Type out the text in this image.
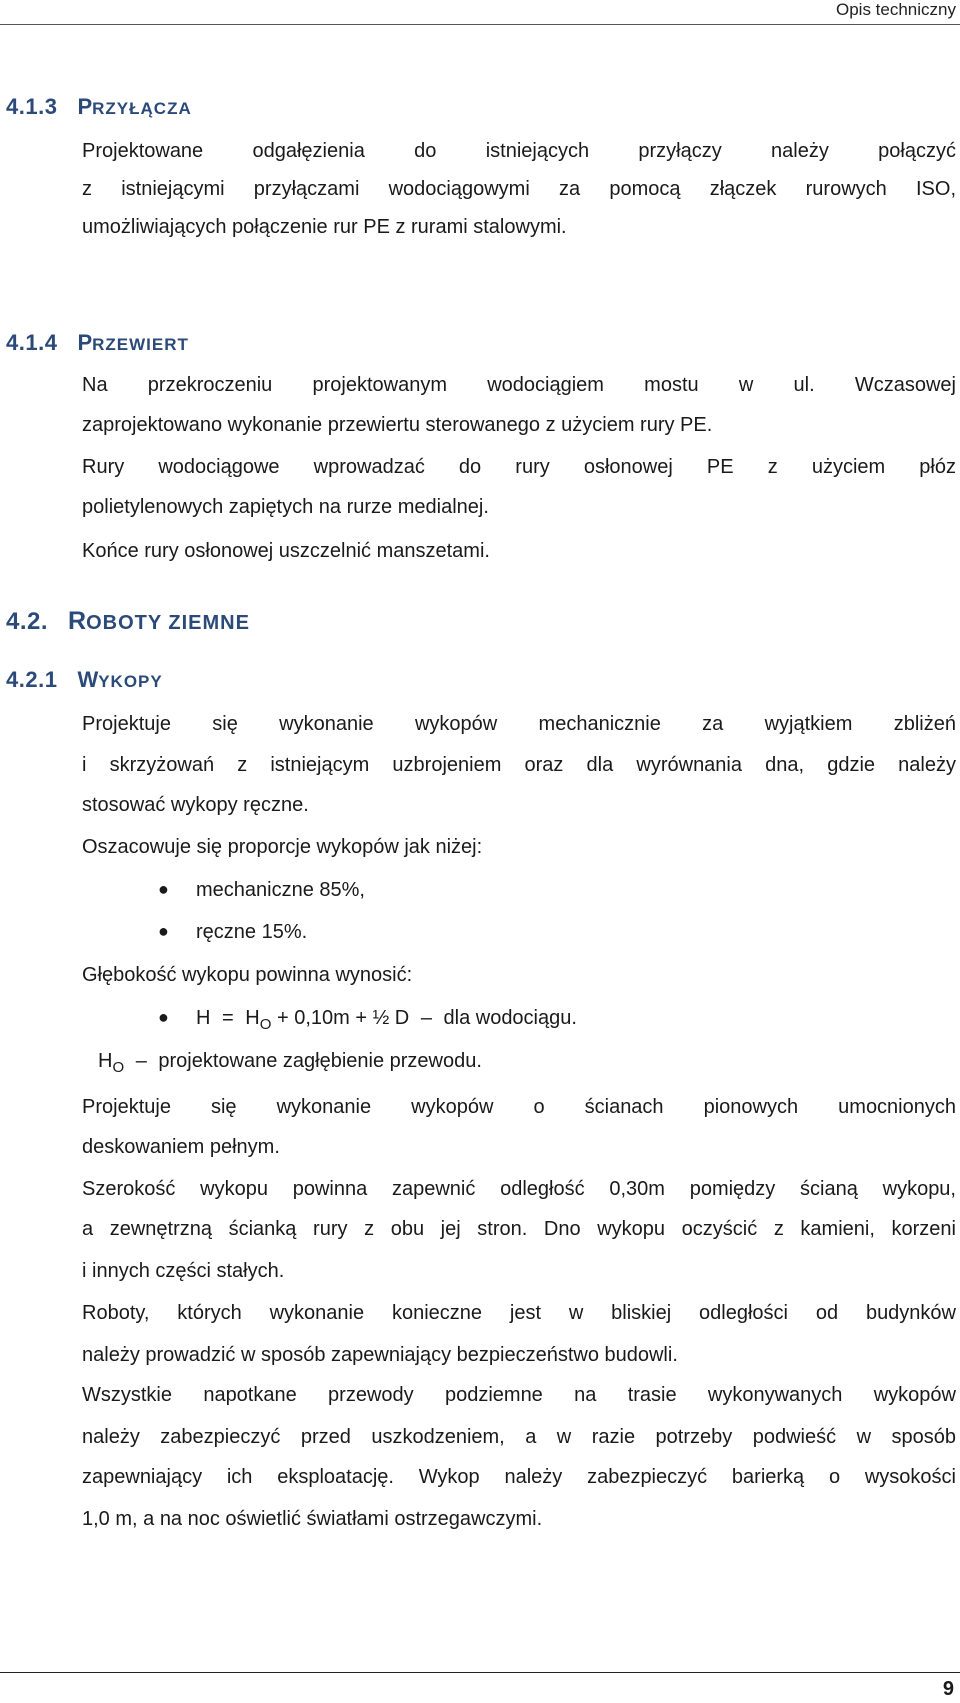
Opis techniczny
4.1.3 PRZYŁĄCZA
Projektowane odgałęzienia do istniejących przyłączy należy połączyć
z istniejącymi przyłączami wodociągowymi za pomocą złączek rurowych ISO,
umożliwiających połączenie rur PE z rurami stalowymi.
4.1.4 PRZEWIERT
Na przekroczeniu projektowanym wodociągiem mostu w ul. Wczasowej
zaprojektowano wykonanie przewiertu sterowanego z użyciem rury PE.
Rury wodociągowe wprowadzać do rury osłonowej PE z użyciem płóz
polietylenowych zapiętych na rurze medialnej.
Końce rury osłonowej uszczelnić manszetami.
4.2. ROBOTY ZIEMNE
4.2.1 WYKOPY
Projektuje się wykonanie wykopów mechanicznie za wyjątkiem zbliżeń
i skrzyżowań z istniejącym uzbrojeniem oraz dla wyrównania dna, gdzie należy
stosować wykopy ręczne.
Oszacowuje się proporcje wykopów jak niżej:
● mechaniczne 85%,
● ręczne 15%.
Głębokość wykopu powinna wynosić:
● $H = H_O + 0,10m$ + ½ D – dla wodociągu.
$H_O$ – projektowane zagłębienie przewodu.
Projektuje się wykonanie wykopów o ścianach pionowych umocnionych
deskowaniem pełnym.
Szerokość wykopu powinna zapewnić odległość 0,30m pomiędzy ścianą wykopu,
a zewnętrzną ścianką rury z obu jej stron. Dno wykopu oczyścić z kamieni, korzeni
i innych części stałych.
Roboty, których wykonanie konieczne jest w bliskiej odległości od budynków
należy prowadzić w sposób zapewniający bezpieczeństwo budowli.
Wszystkie napotkane przewody podziemne na trasie wykonywanych wykopów
należy zabezpieczyć przed uszkodzeniem, a w razie potrzeby podwieść w sposób
zapewniający ich eksploatację. Wykop należy zabezpieczyć barierką o wysokości
1,0 m, a na noc oświetlić światłami ostrzegawczymi.
9
